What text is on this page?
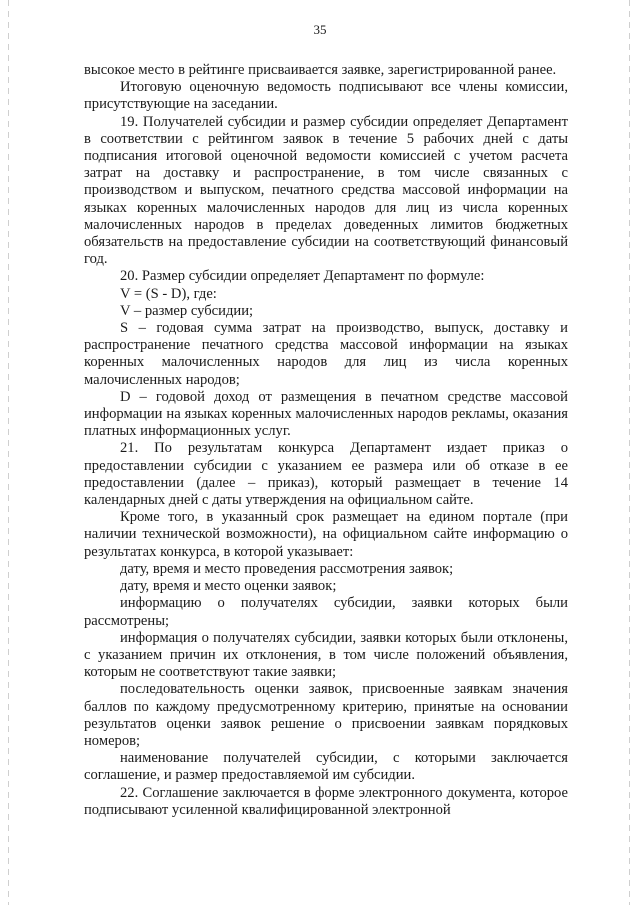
35

высокое место в рейтинге присваивается заявке, зарегистрированной ранее.

Итоговую оценочную ведомость подписывают все члены комиссии, присутствующие на заседании.

19. Получателей субсидии и размер субсидии определяет Департамент в соответствии с рейтингом заявок в течение 5 рабочих дней с даты подписания итоговой оценочной ведомости комиссией с учетом расчета затрат на доставку и распространение, в том числе связанных с производством и выпуском, печатного средства массовой информации на языках коренных малочисленных народов для лиц из числа коренных малочисленных народов в пределах доведенных лимитов бюджетных обязательств на предоставление субсидии на соответствующий финансовый год.

20. Размер субсидии определяет Департамент по формуле:

V = (S - D), где:

V – размер субсидии;

S – годовая сумма затрат на производство, выпуск, доставку и распространение печатного средства массовой информации на языках коренных малочисленных народов для лиц из числа коренных малочисленных народов;

D – годовой доход от размещения в печатном средстве массовой информации на языках коренных малочисленных народов рекламы, оказания платных информационных услуг.

21. По результатам конкурса Департамент издает приказ о предоставлении субсидии с указанием ее размера или об отказе в ее предоставлении (далее – приказ), который размещает в течение 14 календарных дней с даты утверждения на официальном сайте.

Кроме того, в указанный срок размещает на едином портале (при наличии технической возможности), на официальном сайте информацию о результатах конкурса, в которой указывает:

дату, время и место проведения рассмотрения заявок;

дату, время и место оценки заявок;

информацию о получателях субсидии, заявки которых были рассмотрены;

информация о получателях субсидии, заявки которых были отклонены, с указанием причин их отклонения, в том числе положений объявления, которым не соответствуют такие заявки;

последовательность оценки заявок, присвоенные заявкам значения баллов по каждому предусмотренному критерию, принятые на основании результатов оценки заявок решение о присвоении заявкам порядковых номеров;

наименование получателей субсидии, с которыми заключается соглашение, и размер предоставляемой им субсидии.

22. Соглашение заключается в форме электронного документа, которое подписывают усиленной квалифицированной электронной
